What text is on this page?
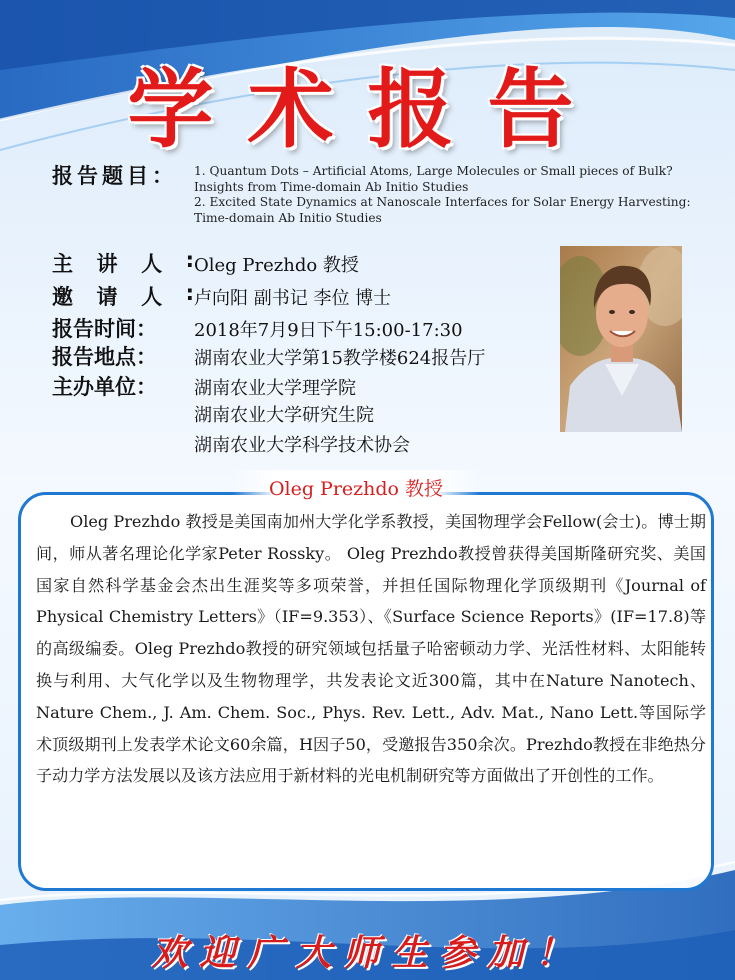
学术报告
报告题目： 1. Quantum Dots – Artificial Atoms, Large Molecules or Small pieces of Bulk?
Insights from Time-domain Ab Initio Studies
2. Excited State Dynamics at Nanoscale Interfaces for Solar Energy Harvesting:
Time-domain Ab Initio Studies
主 讲 人 : Oleg Prezhdo 教授
邀 请 人 : 卢向阳 副书记 李位 博士
报告时间：	2018年7月9日下午15:00-17:30
报告地点：	湖南农业大学第15教学楼624报告厅
主办单位：	湖南农业大学理学院
湖南农业大学研究生院
湖南农业大学科学技术协会
Oleg Prezhdo 教授
Oleg Prezhdo 教授是美国南加州大学化学系教授，美国物理学会Fellow(会士)。博士期间，师从著名理论化学家Peter Rossky。 Oleg Prezhdo教授曾获得美国斯隆研究奖、美国国家自然科学基金会杰出生涯奖等多项荣誉，并担任国际物理化学顶级期刊《Journal of Physical Chemistry Letters》（IF=9.353）、《Surface Science Reports》(IF=17.8)等的高级编委。Oleg Prezhdo教授的研究领域包括量子哈密顿动力学、光活性材料、太阳能转换与利用、大气化学以及生物物理学，共发表论文近300篇，其中在Nature Nanotech、Nature Chem., J. Am. Chem. Soc., Phys. Rev. Lett., Adv. Mat., Nano Lett.等国际学术顶级期刊上发表学术论文60余篇，H因子50，受邀报告350余次。Prezhdo教授在非绝热分子动力学方法发展以及该方法应用于新材料的光电机制研究等方面做出了开创性的工作。
欢迎广大师生参加！
